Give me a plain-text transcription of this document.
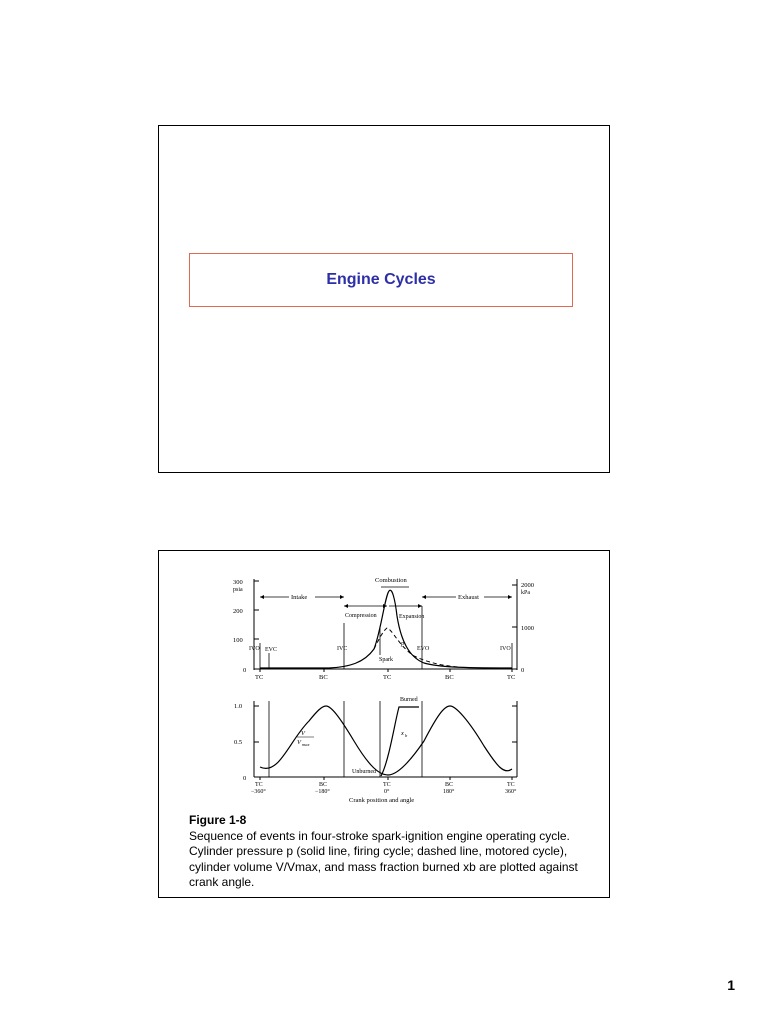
Engine Cycles
300
psia
200
100
0
2000
kPa
1000
0
TC	BC	TC	BC	TC
Intake
Compression
Combustion
Expansion
Exhaust
IVO EVC	IVC
Spark
EVO	IVO
p
1.0
0.5
0
V
V max
Burned
Unburned
x b
TC	BC	TC	BC	TC
−360°	−180°	0°	180°	360°
Crank position and angle
Figure 1-8
Sequence of events in four-stroke spark-ignition engine operating cycle.
Cylinder pressure p (solid line, firing cycle; dashed line, motored cycle),
cylinder volume V/Vmax, and mass fraction burned xb are plotted against
crank angle.
1
